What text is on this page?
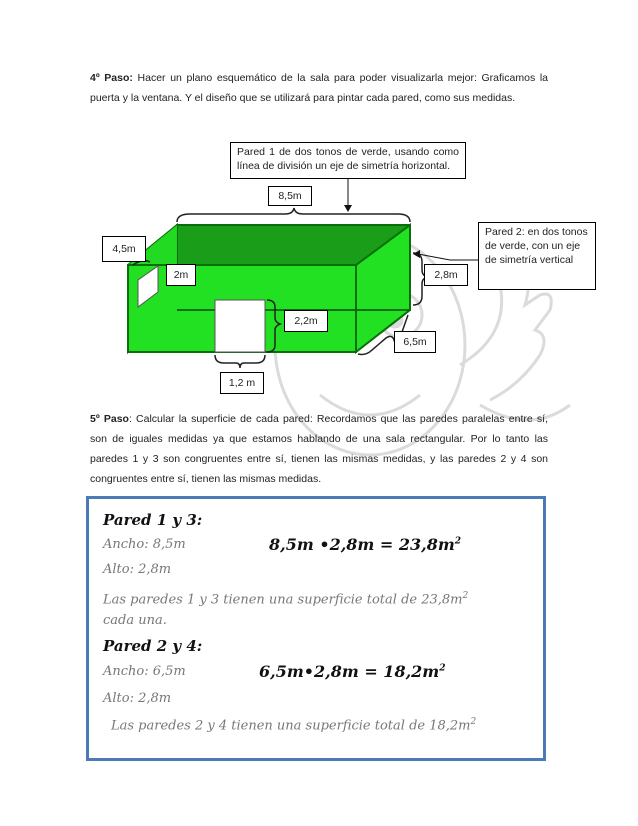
4º Paso: Hacer un plano esquemático de la sala para poder visualizarla mejor: Graficamos la puerta y la ventana. Y el diseño que se utilizará para pintar cada pared, como sus medidas.
Pared 1 de dos tonos de verde, usando como línea de división un eje de simetría horizontal.
8,5m
Pared 2: en dos tonos de verde, con un eje de simetría vertical
4,5m
2m	2,8m
2,2m
6,5m
1,2 m
5º Paso: Calcular la superficie de cada pared: Recordamos que las paredes paralelas entre sí, son de iguales medidas ya que estamos hablando de una sala rectangular. Por lo tanto las paredes 1 y 3 son congruentes entre sí, tienen las mismas medidas, y las paredes 2 y 4 son congruentes entre sí, tienen las mismas medidas.
Pared 1 y 3:
Ancho: 8,5m	8,5m •2,8m = $23,8m^2$
Alto: 2,8m
Las paredes 1 y 3 tienen una superficie total de $23,8m^2$
cada una.
Pared 2 y 4:
Ancho: 6,5m	6,5m•2,8m = $18,2m^2$
Alto: 2,8m
Las paredes 2 y 4 tienen una superficie total de $18,2m^2$
